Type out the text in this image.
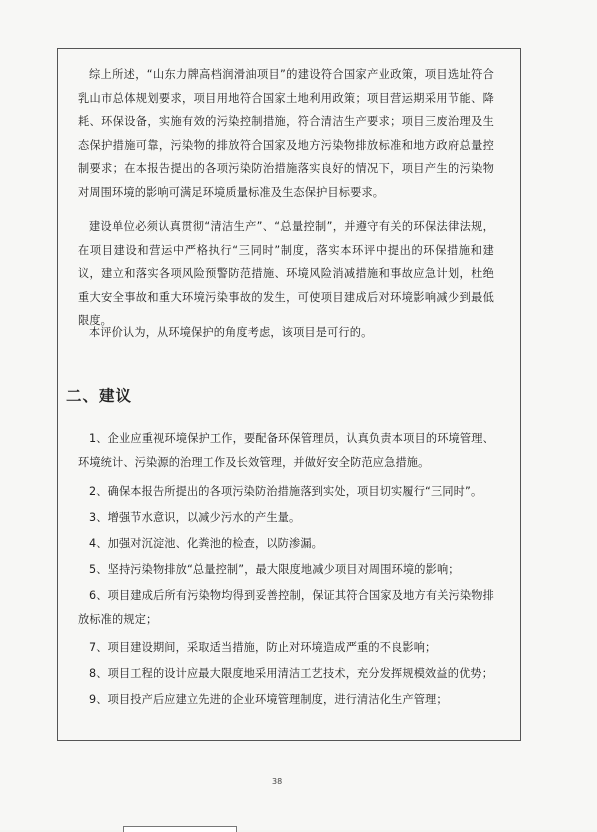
综上所述，“山东力牌高档润滑油项目”的建设符合国家产业政策，项目选址符合乳山市总体规划要求，项目用地符合国家土地利用政策；项目营运期采用节能、降耗、环保设备，实施有效的污染控制措施，符合清洁生产要求；项目三废治理及生态保护措施可靠，污染物的排放符合国家及地方污染物排放标准和地方政府总量控制要求；在本报告提出的各项污染防治措施落实良好的情况下，项目产生的污染物对周围环境的影响可满足环境质量标准及生态保护目标要求。

建设单位必须认真贯彻“清洁生产”、“总量控制”，并遵守有关的环保法律法规，在项目建设和营运中严格执行“三同时”制度，落实本环评中提出的环保措施和建议，建立和落实各项风险预警防范措施、环境风险消减措施和事故应急计划，杜绝重大安全事故和重大环境污染事故的发生，可使项目建成后对环境影响减少到最低限度。

本评价认为，从环境保护的角度考虑，该项目是可行的。

二、建议

1、企业应重视环境保护工作，要配备环保管理员，认真负责本项目的环境管理、环境统计、污染源的治理工作及长效管理，并做好安全防范应急措施。

2、确保本报告所提出的各项污染防治措施落到实处，项目切实履行“三同时”。

3、增强节水意识，以减少污水的产生量。

4、加强对沉淀池、化粪池的检查，以防渗漏。

5、坚持污染物排放“总量控制”，最大限度地减少项目对周围环境的影响；

6、项目建成后所有污染物均得到妥善控制，保证其符合国家及地方有关污染物排放标准的规定；

7、项目建设期间，采取适当措施，防止对环境造成严重的不良影响；

8、项目工程的设计应最大限度地采用清洁工艺技术，充分发挥规模效益的优势；

9、项目投产后应建立先进的企业环境管理制度，进行清洁化生产管理；

38
